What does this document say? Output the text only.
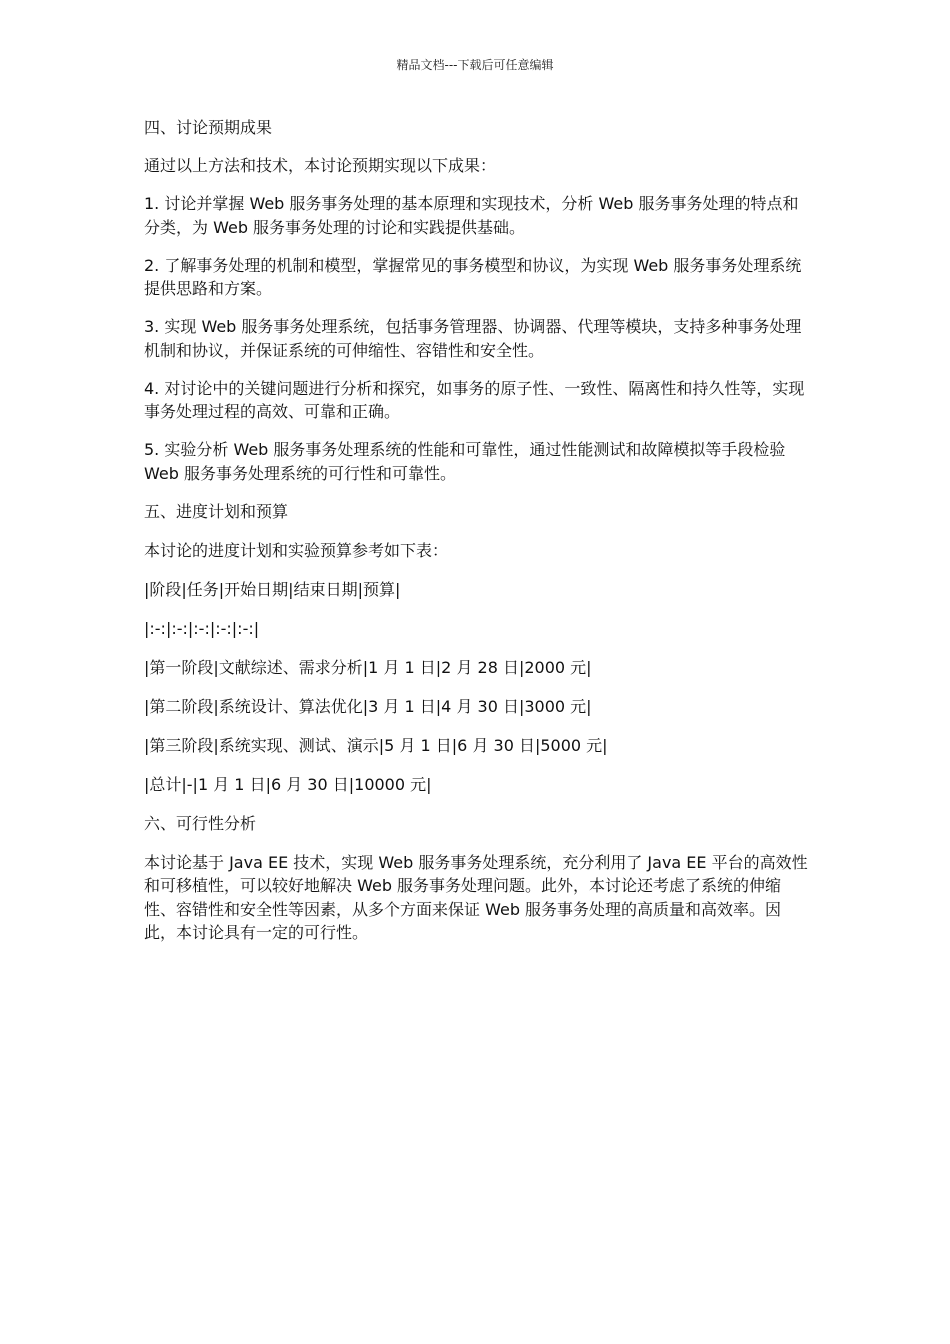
精品文档---下载后可任意编辑

四、讨论预期成果

通过以上方法和技术，本讨论预期实现以下成果：

1. 讨论并掌握 Web 服务事务处理的基本原理和实现技术，分析 Web 服务事务处理的特点和分类，为 Web 服务事务处理的讨论和实践提供基础。

2. 了解事务处理的机制和模型，掌握常见的事务模型和协议，为实现 Web 服务事务处理系统提供思路和方案。

3. 实现 Web 服务事务处理系统，包括事务管理器、协调器、代理等模块，支持多种事务处理机制和协议，并保证系统的可伸缩性、容错性和安全性。

4. 对讨论中的关键问题进行分析和探究，如事务的原子性、一致性、隔离性和持久性等，实现事务处理过程的高效、可靠和正确。

5. 实验分析 Web 服务事务处理系统的性能和可靠性，通过性能测试和故障模拟等手段检验 Web 服务事务处理系统的可行性和可靠性。

五、进度计划和预算

本讨论的进度计划和实验预算参考如下表：

|阶段|任务|开始日期|结束日期|预算|

|:-:|:-:|:-:|:-:|:-:|

|第一阶段|文献综述、需求分析|1 月 1 日|2 月 28 日|2000 元|

|第二阶段|系统设计、算法优化|3 月 1 日|4 月 30 日|3000 元|

|第三阶段|系统实现、测试、演示|5 月 1 日|6 月 30 日|5000 元|

|总计|-|1 月 1 日|6 月 30 日|10000 元|

六、可行性分析

本讨论基于 Java EE 技术，实现 Web 服务事务处理系统，充分利用了 Java EE 平台的高效性和可移植性，可以较好地解决 Web 服务事务处理问题。此外，本讨论还考虑了系统的伸缩性、容错性和安全性等因素，从多个方面来保证 Web 服务事务处理的高质量和高效率。因此，本讨论具有一定的可行性。
